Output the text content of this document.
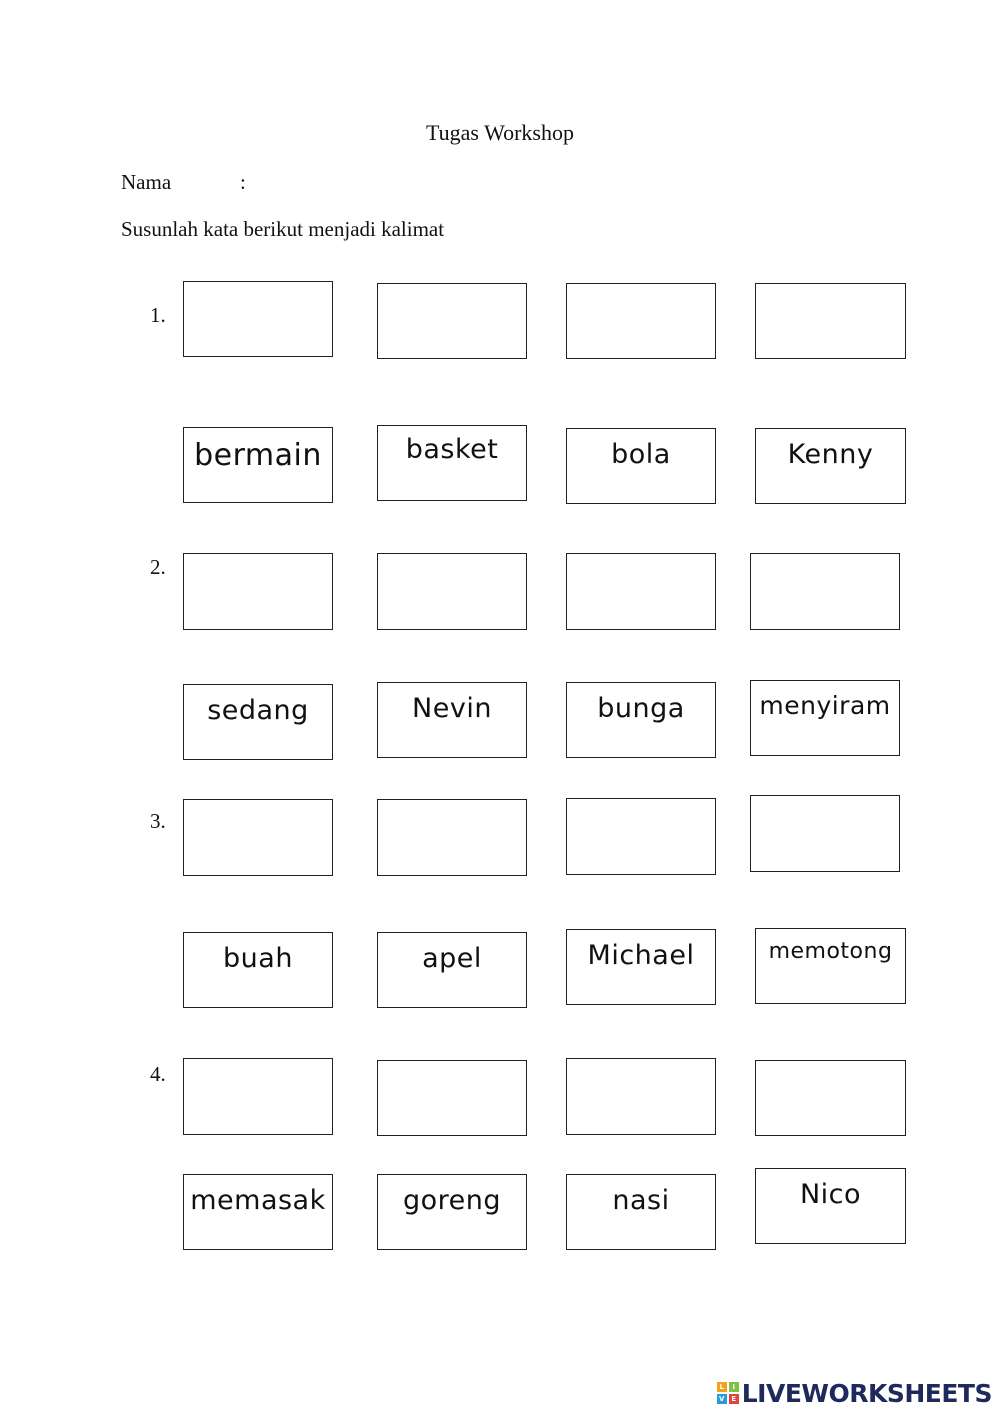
Tugas Workshop
Nama	:
Susunlah kata berikut menjadi kalimat
1.
bermain	basket	bola	Kenny
2.
sedang	Nevin	bunga	menyiram
3.
buah	apel	Michael	memotong
4.
memasak	goreng	nasi	Nico
L	I
V E LIVEWORKSHEETS
